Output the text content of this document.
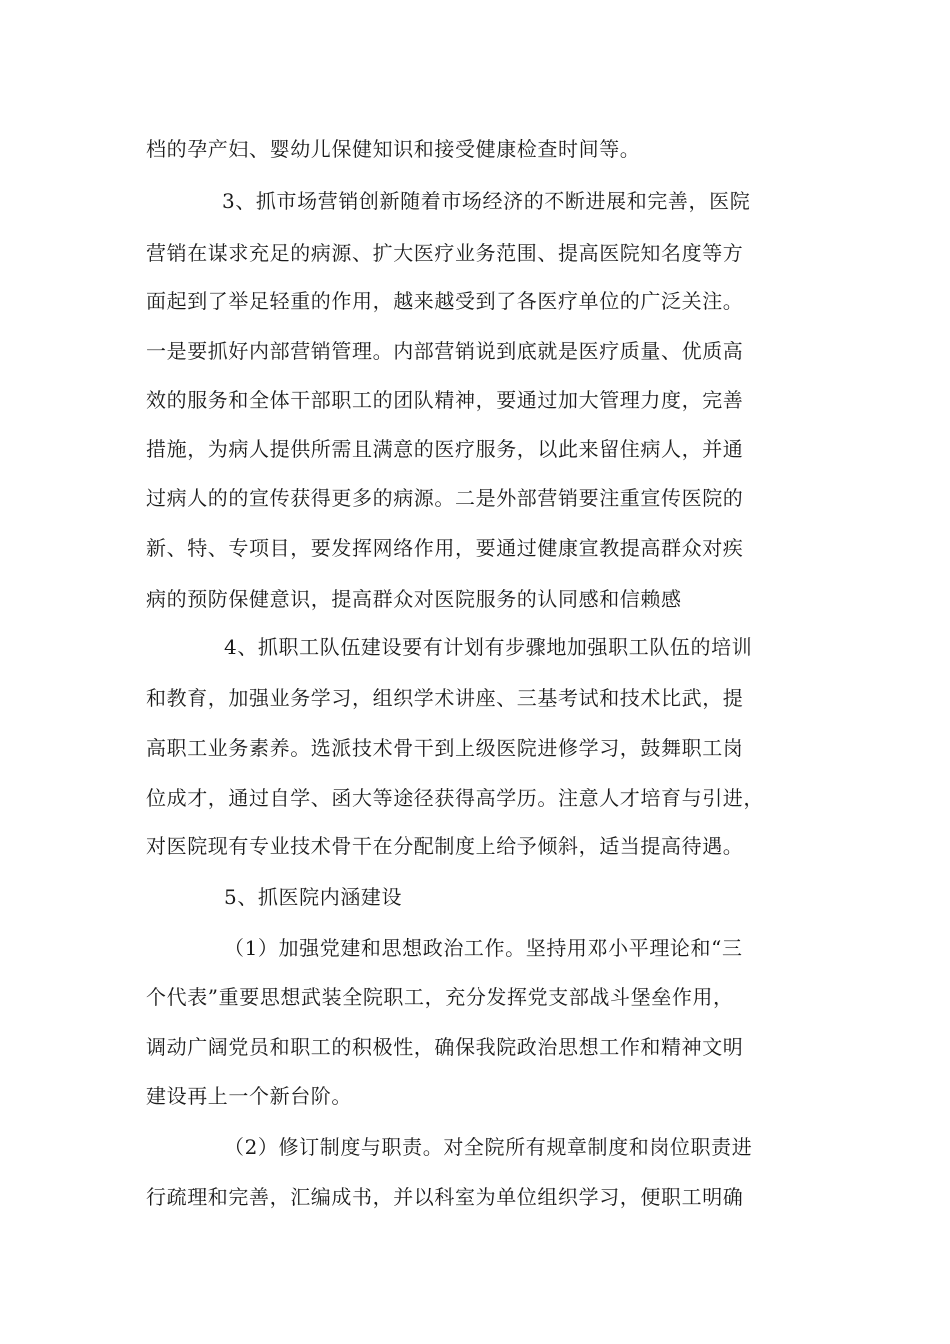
档的孕产妇、婴幼儿保健知识和接受健康检查时间等。
3、抓市场营销创新随着市场经济的不断进展和完善，医院
营销在谋求充足的病源、扩大医疗业务范围、提高医院知名度等方
面起到了举足轻重的作用，越来越受到了各医疗单位的广泛关注。
一是要抓好内部营销管理。内部营销说到底就是医疗质量、优质高
效的服务和全体干部职工的团队精神，要通过加大管理力度，完善
措施，为病人提供所需且满意的医疗服务，以此来留住病人，并通
过病人的的宣传获得更多的病源。二是外部营销要注重宣传医院的
新、特、专项目，要发挥网络作用，要通过健康宣教提高群众对疾
病的预防保健意识，提高群众对医院服务的认同感和信赖感
4、抓职工队伍建设要有计划有步骤地加强职工队伍的培训
和教育，加强业务学习，组织学术讲座、三基考试和技术比武，提
高职工业务素养。选派技术骨干到上级医院进修学习，鼓舞职工岗
位成才，通过自学、函大等途径获得高学历。注意人才培育与引进，
对医院现有专业技术骨干在分配制度上给予倾斜，适当提高待遇。
5、抓医院内涵建设
（1）加强党建和思想政治工作。坚持用邓小平理论和“三
个代表”重要思想武装全院职工，充分发挥党支部战斗堡垒作用，
调动广阔党员和职工的积极性，确保我院政治思想工作和精神文明
建设再上一个新台阶。
（2）修订制度与职责。对全院所有规章制度和岗位职责进
行疏理和完善，汇编成书，并以科室为单位组织学习，便职工明确
